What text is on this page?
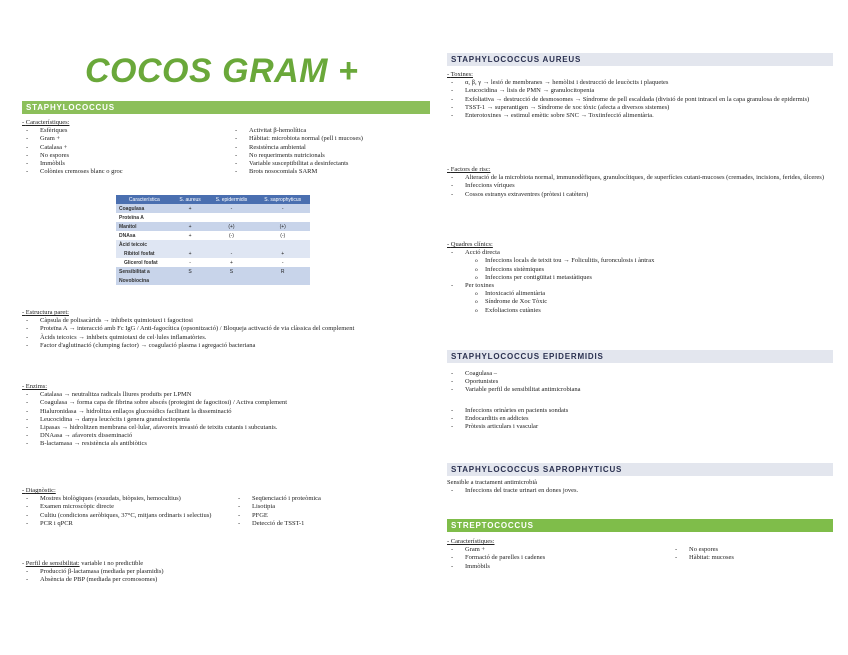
COCOS GRAM +
STAPHYLOCOCCUS
- Característiques:
- Esfèriques
- Gram +
- Catalasa +
- No espores
- Immòbils
- Colònies cremoses blanc o groc
- Activitat β-hemolítica
- Hàbitat: microbiota normal (pell i mucoses)
- Resistència ambiental
- No requeriments nutricionals
- Variable susceptibilitat a desinfectants
- Brots nosocomials SARM
Característica	S. aureus	S. epidermidis	S. saprophyticus
Coagulasa	+	-	-
Proteïna A			
Manitol	+	(+)	(+)
DNAsa	+	(-)	(-)
Àcid teicoic			
Ribitol fosfat	+	-	+
Glicerol fosfat	-	+	-
Sensibilitat a	S	S	R
Novobiocina			
- Estructura paret:
- Càpsula de polisacàrids → inhibeix quimiotaxi i fagocitosi
- Proteïna A → interacció amb Fc IgG / Anti-fagocítica (opsonització) / Bloqueja activació de via clàssica del complement
- Àcids teicoics → inhibeix quimiotaxi de cel·lules inflamatòries.
- Factor d'aglutinació (clumping factor) → coagulació plasma i agregació bacteriana
- Enzims:
- Catalasa → neutralitza radicals lliures produïts per LPMN
- Coagulasa → forma capa de fibrina sobre abscés (protegint de fagocitosi) / Activa complement
- Hialuronidasa → hidrolitza enllaços glucosídics facilitant la disseminació
- Leucocidina → danya leucòcits i genera granulocitopenia
- Lipasas → hidrolitzen membrana cel·lular, afavoreix invasió de teixits cutanis i subcutanis.
- DNAasa → afavoreix disseminació
- B-lactamasa → resistència als antibiòtics
- Diagnòstic:
- Mostres biològiques (exsudats, biòpsies, hemocultius)
- Examen microscòpic directe
- Cultiu (condicions aeròbiques, 37°C, mitjans ordinaris i selectius)
- PCR i qPCR
- Seqüenciació i proteòmica
- Lisotipia
- PFGE
- Detecció de TSST-1
- Perfil de sensibilitat: variable i no predictible
- Producció β-lactamasa (mediada per plasmidis)
- Absència de PBP (mediada per cromosomes)
STAPHYLOCOCCUS AUREUS
- Toxines:
- α, β, γ → lesió de membranes → hemòlisi i destrucció de leucòcits i plaquetes
- Leucocidina → lisis de PMN → granulocitopenia
- Exfoliativa → destrucció de desmosomes → Síndrome de pell escaldada (divisió de pont intracel en la capa granulosa de epidermis)
- TSST-1 → superantigen → Síndrome de xoc tòxic (afecta a diversos sistemes)
- Enterotoxines → estimul emètic sobre SNC → Toxiinfecció alimentària.
- Factors de risc:
- Alteració de la microbiota normal, immunodèfiques, granulocítiques, de superfícies cutani-mucoses (cremades, incisions, ferides, úlceres)
- Infeccions víriques
- Cossos estranys extraventres (pròtesi i catèters)
- Quadres clínics:
- Acció directa
o Infeccions locals de teixit tou → Foliculitis, furonculosis i àntrax
o Infeccions sistèmiques
o Infeccions per contigüitat i metastàtiques
- Per toxines
o Intoxicació alimentària
o Síndrome de Xoc Tòxic
o Exfoliacions cutànies
STAPHYLOCOCCUS EPIDERMIDIS
- Coagulasa –
- Oportunistes
- Variable perfil de sensibilitat antimicrobiana
- Infeccions orinàries en pacients sondats
- Endocarditis en addictes
- Pròtesis articulars i vascular
STAPHYLOCOCCUS SAPROPHYTICUS
Sensible a tractament antimicrobià
- Infeccions del tracte urinari en dones joves.
STREPTOCOCCUS
- Característiques:
- Gram +
- Formació de parelles i cadenes
- Immòbils
- No espores
- Hàbitat: mucoses
